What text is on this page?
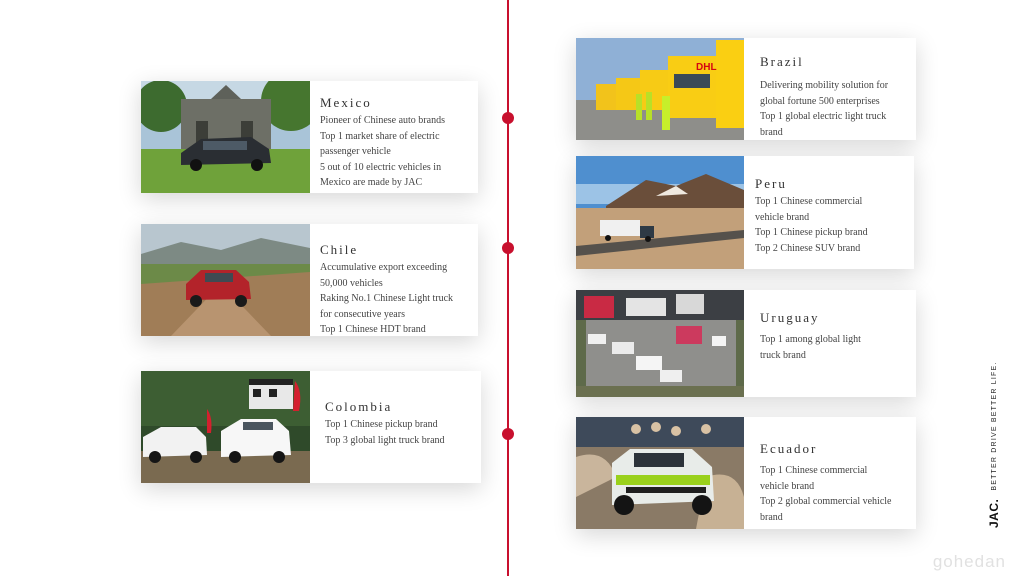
Mexico
Pioneer of Chinese auto brands
Top 1 market share of electric
passenger vehicle
5 out of 10 electric vehicles in
Mexico are made by JAC
Chile
Accumulative export exceeding
50,000 vehicles
Raking No.1 Chinese Light truck
for consecutive years
Top 1 Chinese HDT brand
Colombia
Top 1 Chinese pickup brand
Top 3 global light truck brand
DHL	Brazil
Delivering mobility solution for
global fortune 500 enterprises
Top 1 global electric light truck
brand
Peru
Top 1 Chinese commercial
vehicle brand
Top 1 Chinese pickup brand
Top 2 Chinese SUV brand
Uruguay
Top 1 among global light
truck brand
Ecuador
Top 1 Chinese commercial
vehicle brand
Top 2 global commercial vehicle
brand	JAC.
BETTER DRIVE BETTER LIFE.
gohedan
